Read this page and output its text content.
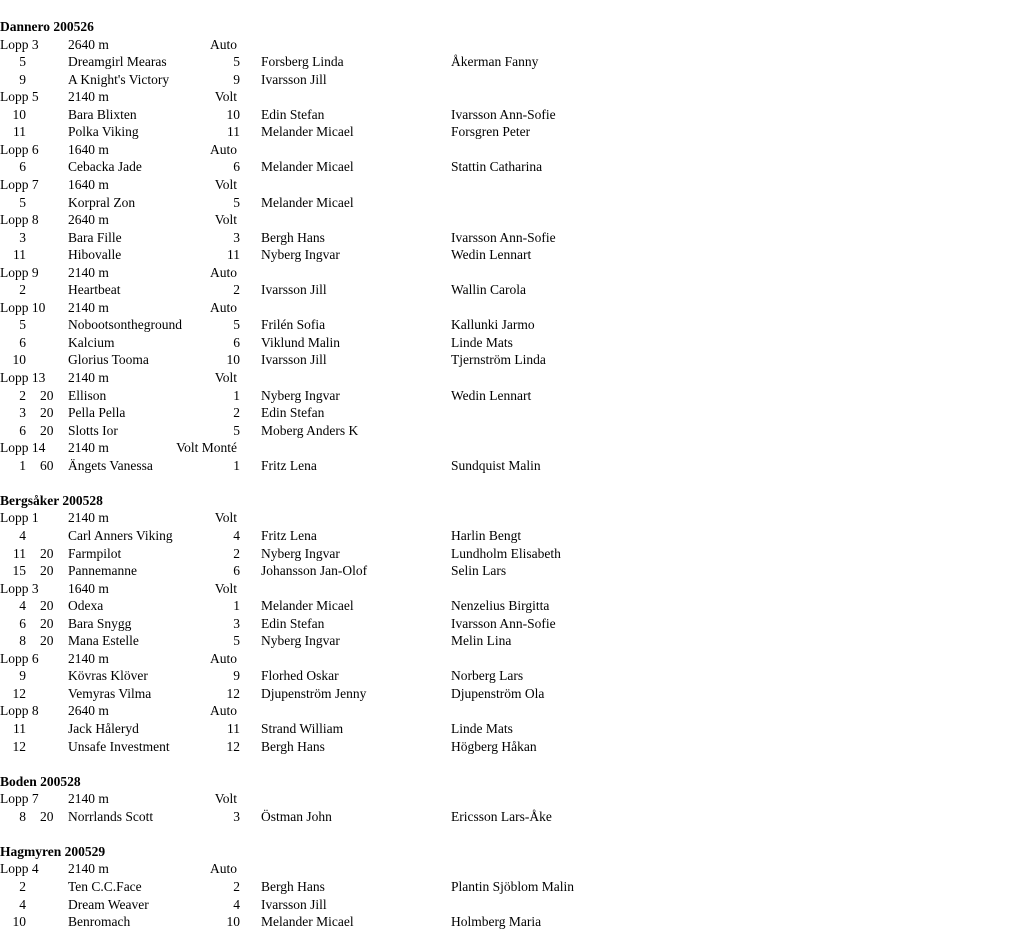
Dannero 200526
Lopp 3 2640 m	Auto
5	Dreamgirl Mearas	5 Forsberg Linda	Åkerman Fanny
9	A Knight's Victory	9 Ivarsson Jill
Lopp 5 2140 m	Volt
10	Bara Blixten	10 Edin Stefan	Ivarsson Ann-Sofie
11	Polka Viking	11 Melander Micael	Forsgren Peter
Lopp 6 1640 m	Auto
6	Cebacka Jade	6 Melander Micael	Stattin Catharina
Lopp 7 1640 m	Volt
5	Korpral Zon	5 Melander Micael
Lopp 8 2640 m	Volt
3	Bara Fille	3 Bergh Hans	Ivarsson Ann-Sofie
11	Hibovalle	11 Nyberg Ingvar	Wedin Lennart
Lopp 9 2140 m	Auto
2	Heartbeat	2 Ivarsson Jill	Wallin Carola
Lopp 10 2140 m	Auto
5	Nobootsontheground	5 Frilén Sofia	Kallunki Jarmo
6	Kalcium	6 Viklund Malin	Linde Mats
10	Glorius Tooma	10 Ivarsson Jill	Tjernström Linda
Lopp 13 2140 m	Volt
2 20 Ellison	1 Nyberg Ingvar	Wedin Lennart
3 20 Pella Pella	2 Edin Stefan
6 20 Slotts Ior	5 Moberg Anders K
Lopp 14 2140 m	Volt Monté
1 60 Ängets Vanessa	1 Fritz Lena	Sundquist Malin
Bergsåker 200528
Lopp 1 2140 m	Volt
4	Carl Anners Viking	4 Fritz Lena	Harlin Bengt
11 20 Farmpilot	2 Nyberg Ingvar	Lundholm Elisabeth
15 20 Pannemanne	6 Johansson Jan-Olof	Selin Lars
Lopp 3 1640 m	Volt
4 20 Odexa	1 Melander Micael	Nenzelius Birgitta
6 20 Bara Snygg	3 Edin Stefan	Ivarsson Ann-Sofie
8 20 Mana Estelle	5 Nyberg Ingvar	Melin Lina
Lopp 6 2140 m	Auto
9	Kövras Klöver	9 Florhed Oskar	Norberg Lars
12	Vemyras Vilma	12 Djupenström Jenny	Djupenström Ola
Lopp 8 2640 m	Auto
11	Jack Håleryd	11 Strand William	Linde Mats
12	Unsafe Investment	12 Bergh Hans	Högberg Håkan
Boden 200528
Lopp 7 2140 m	Volt
8 20 Norrlands Scott	3 Östman John	Ericsson Lars-Åke
Hagmyren 200529
Lopp 4 2140 m	Auto
2	Ten C.C.Face	2 Bergh Hans	Plantin Sjöblom Malin
4	Dream Weaver	4 Ivarsson Jill
10	Benromach	10 Melander Micael	Holmberg Maria
